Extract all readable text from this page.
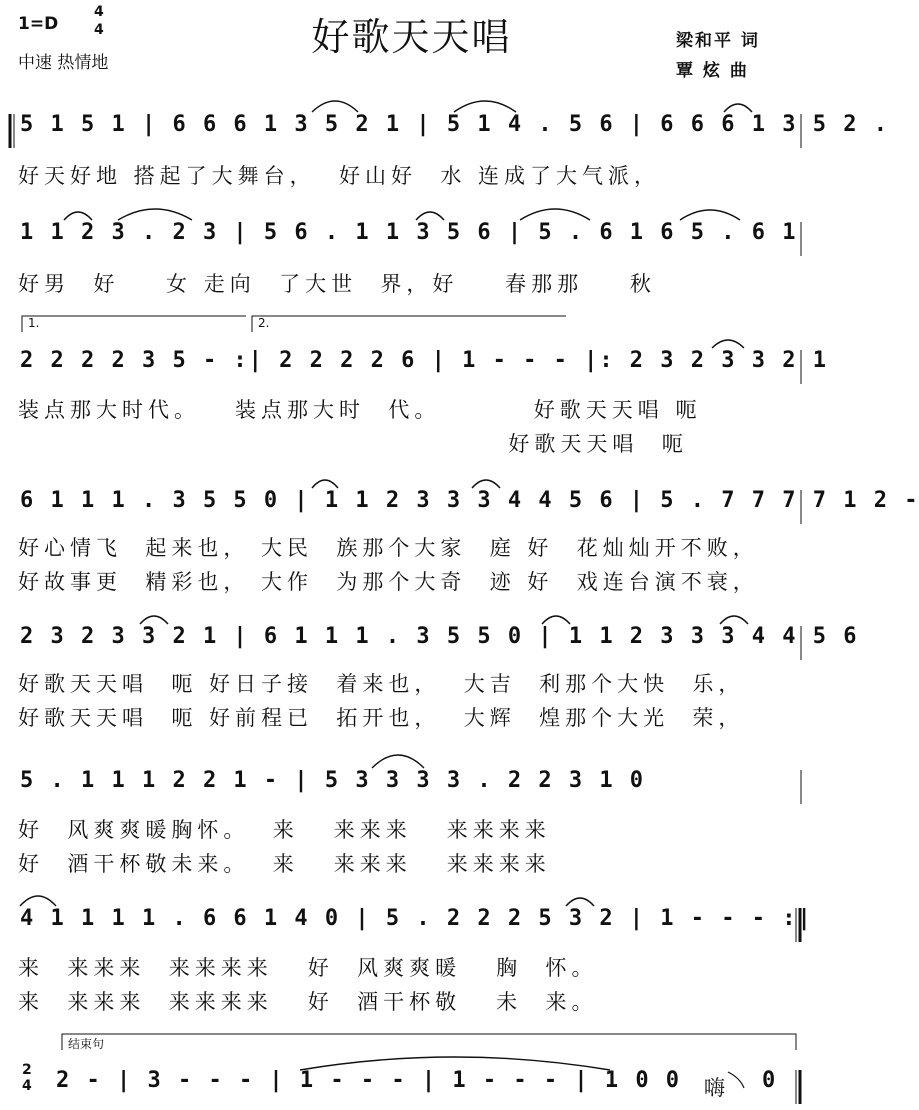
1=D
4
4
中速 热情地
好歌天天唱	梁和平 词
覃 炫 曲
5 1 5 1 | 6 6 6 1 3 5 2 1 | 5 1 4 . 5 6 | 6 6 6 1 3 5 2 .
好天好地 搭起了大舞台，  好山好  水 连成了大气派，
1 1 2 3 . 2 3 | 5 6 . 1 1 3 5 6 | 5 . 6 1 6 5 . 6 1
好男  好    女 走向  了大世  界，好    春那那    秋
1.	2.
2 2 2 2 3 5 - :| 2 2 2 2 6 | 1 - - - |: 2 3 2 3 3 2 1
装点那大时代。   装点那大时  代。        好歌天天唱 呃
好歌天天唱  呃
6 1 1 1 . 3 5 5 0 | 1 1 2 3 3 3 4 4 5 6 | 5 . 7 7 7 7 1 2 -
好心情飞  起来也， 大民  族那个大家  庭 好  花灿灿开不败，
好故事更  精彩也， 大作  为那个大奇  迹 好  戏连台演不衰，
2 3 2 3 3 2 1 | 6 1 1 1 . 3 5 5 0 | 1 1 2 3 3 3 4 4 5 6
好歌天天唱  呃 好日子接  着来也，  大吉  利那个大快  乐，
好歌天天唱  呃 好前程已  拓开也，  大辉  煌那个大光  荣，
5 . 1 1 1 2 2 1 - | 5 3 3 3 3 . 2 2 3 1 0
好  风爽爽暖胸怀。  来   来来来   来来来来
好  酒干杯敬未来。  来   来来来   来来来来
4 1 1 1 1 . 6 6 1 4 0 | 5 . 2 2 2 5 3 2 | 1 - - - :|
来  来来来  来来来来   好  风爽爽暖   胸  怀。
来  来来来  来来来来   好  酒干杯敬   未  来。
结束句
2
4 2 - | 3 - - - | 1 - - - | 1 - - - | 1 0 0 嗨 0
